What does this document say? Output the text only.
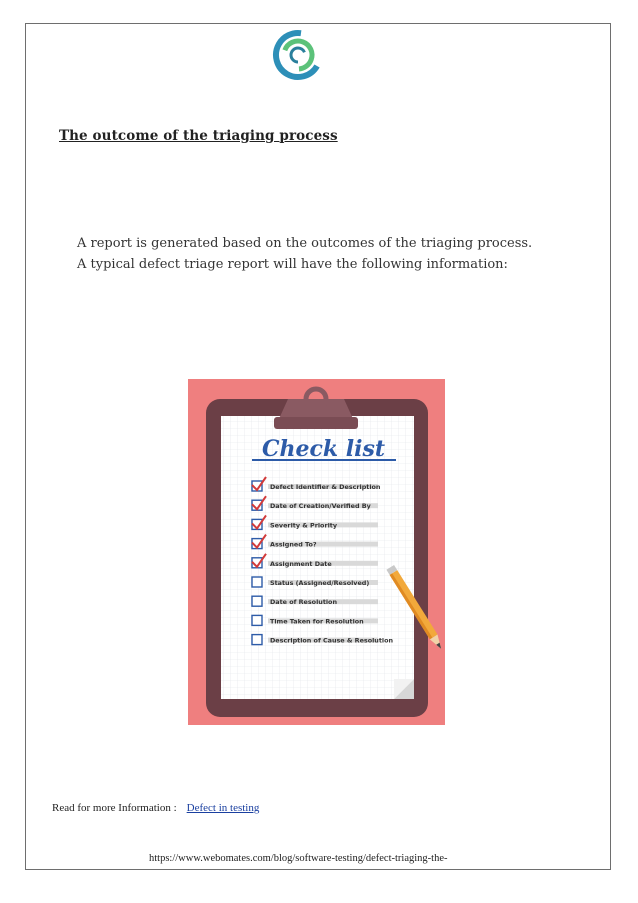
The outcome of the triaging process
A report is generated based on the outcomes of the triaging process.
A typical defect triage report will have the following information:
Check list
Defect Identifier & Description
Date of Creation/Verified By
Severity & Priority
Assigned To?
Assignment Date
Status (Assigned/Resolved)
Date of Resolution
Time Taken for Resolution
Description of Cause & Resolution
Read for more Information : Defect in testing
https://www.webomates.com/blog/software-testing/defect-triaging-the-
